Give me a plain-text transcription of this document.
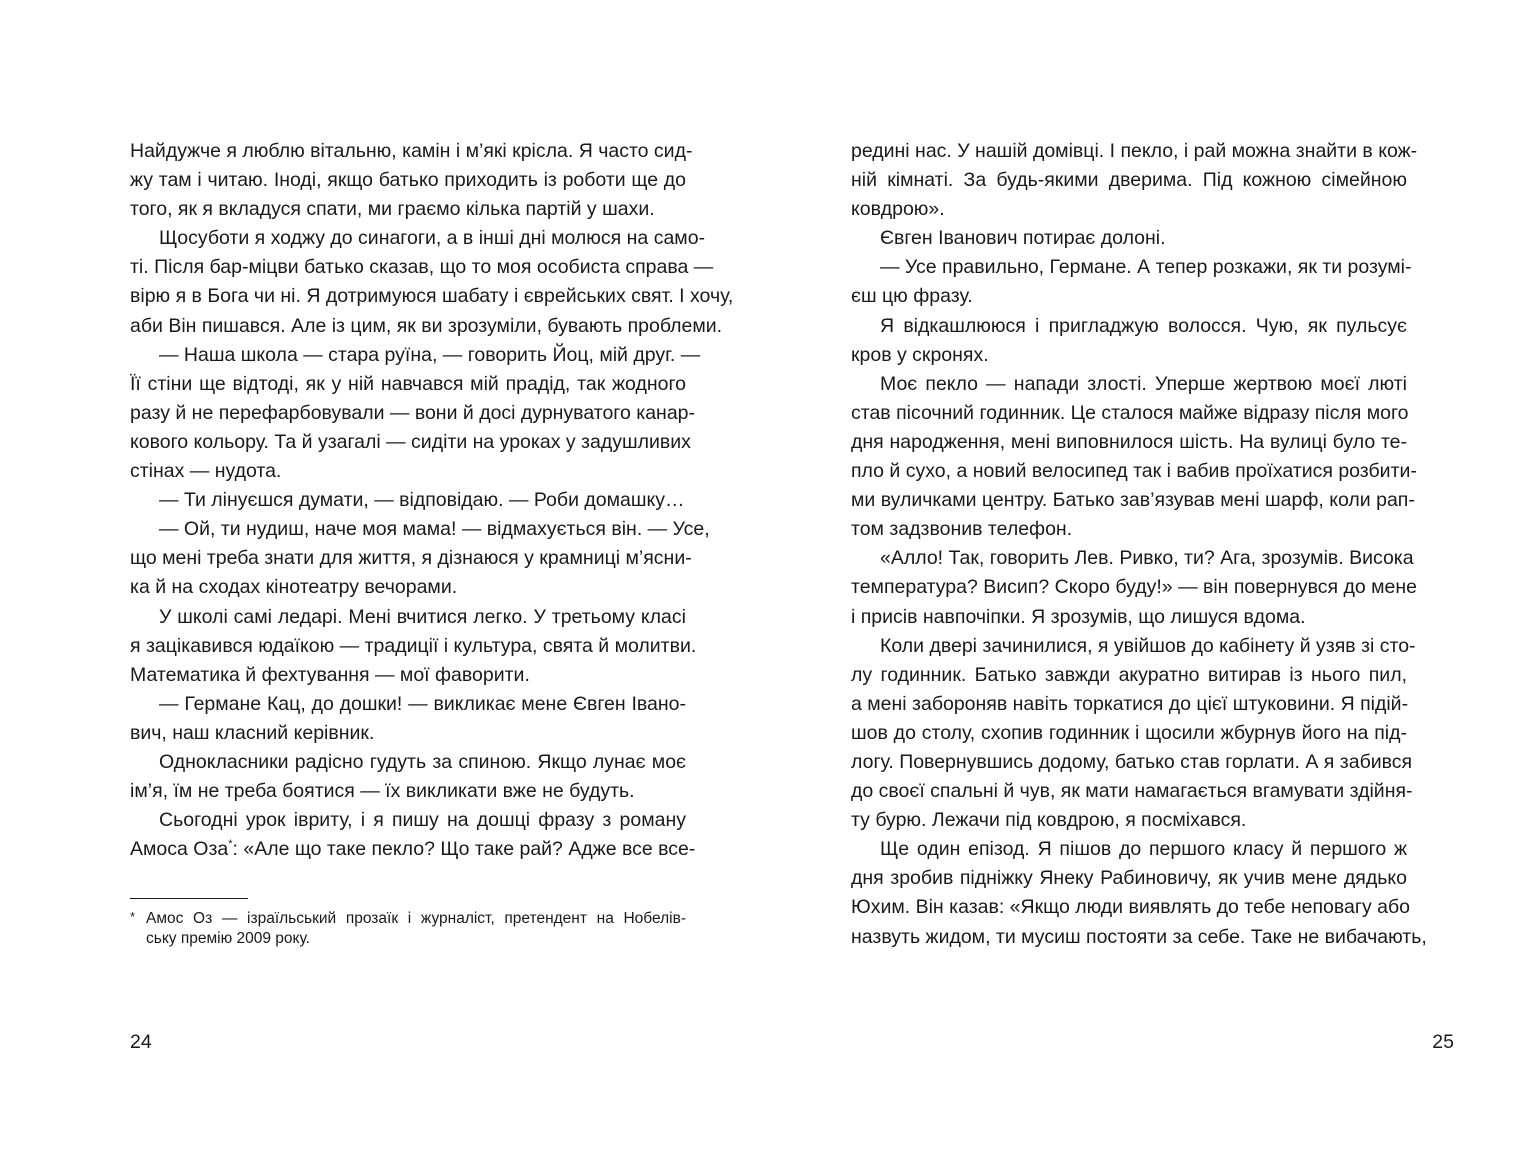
Найдужче я люблю вітальню, камін і м’які крісла. Я часто сид-
жу там і читаю. Іноді, якщо батько приходить із роботи ще до
того, як я вкладуся спати, ми граємо кілька партій у шахи.
Щосуботи я ходжу до синагоги, а в інші дні молюся на само-
ті. Після бар-міцви батько сказав, що то моя особиста справа —
вірю я в Бога чи ні. Я дотримуюся шабату і єврейських свят. І хочу,
аби Він пишався. Але із цим, як ви зрозуміли, бувають проблеми.
— Наша школа — стара руїна, — говорить Йоц, мій друг. —
Її стіни ще відтоді, як у ній навчався мій прадід, так жодного
разу й не перефарбовували — вони й досі дурнуватого канар-
кового кольору. Та й узагалі — сидіти на уроках у задушливих
стінах — нудота.
— Ти лінуєшся думати, — відповідаю. — Роби домашку…
— Ой, ти нудиш, наче моя мама! — відмахується він. — Усе,
що мені треба знати для життя, я дізнаюся у крамниці м’ясни-
ка й на сходах кінотеатру вечорами.
У школі самі ледарі. Мені вчитися легко. У третьому класі
я зацікавився юдаїкою — традиції і культура, свята й молитви.
Математика й фехтування — мої фаворити.
— Германе Кац, до дошки! — викликає мене Євген Івано-
вич, наш класний керівник.
Однокласники радісно гудуть за спиною. Якщо лунає моє
ім’я, їм не треба боятися — їх викликати вже не будуть.
Сьогодні урок івриту, і я пишу на дошці фразу з роману
Амоса Оза*: «Але що таке пекло? Що таке рай? Адже все все-
* Амос Оз — ізраїльський прозаїк і журналіст, претендент на Нобелів-
ську премію 2009 року.
24
редині нас. У нашій домівці. І пекло, і рай можна знайти в кож-
ній кімнаті. За будь-якими дверима. Під кожною сімейною
ковдрою».
Євген Іванович потирає долоні.
— Усе правильно, Германе. А тепер розкажи, як ти розумі-
єш цю фразу.
Я відкашлююся і пригладжую волосся. Чую, як пульсує
кров у скронях.
Моє пекло — напади злості. Уперше жертвою моєї люті
став пісочний годинник. Це сталося майже відразу після мого
дня народження, мені виповнилося шість. На вулиці було те-
пло й сухо, а новий велосипед так і вабив проїхатися розбити-
ми вуличками центру. Батько зав’язував мені шарф, коли рап-
том задзвонив телефон.
«Алло! Так, говорить Лев. Ривко, ти? Ага, зрозумів. Висока
температура? Висип? Скоро буду!» — він повернувся до мене
і присів навпочіпки. Я зрозумів, що лишуся вдома.
Коли двері зачинилися, я увійшов до кабінету й узяв зі сто-
лу годинник. Батько завжди акуратно витирав із нього пил,
а мені забороняв навіть торкатися до цієї штуковини. Я підій-
шов до столу, схопив годинник і щосили жбурнув його на під-
логу. Повернувшись додому, батько став горлати. А я забився
до своєї спальні й чув, як мати намагається вгамувати здійня-
ту бурю. Лежачи під ковдрою, я посміхався.
Ще один епізод. Я пішов до першого класу й першого ж
дня зробив підніжку Янеку Рабиновичу, як учив мене дядько
Юхим. Він казав: «Якщо люди виявлять до тебе неповагу або
назвуть жидом, ти мусиш постояти за себе. Таке не вибачають,
25
